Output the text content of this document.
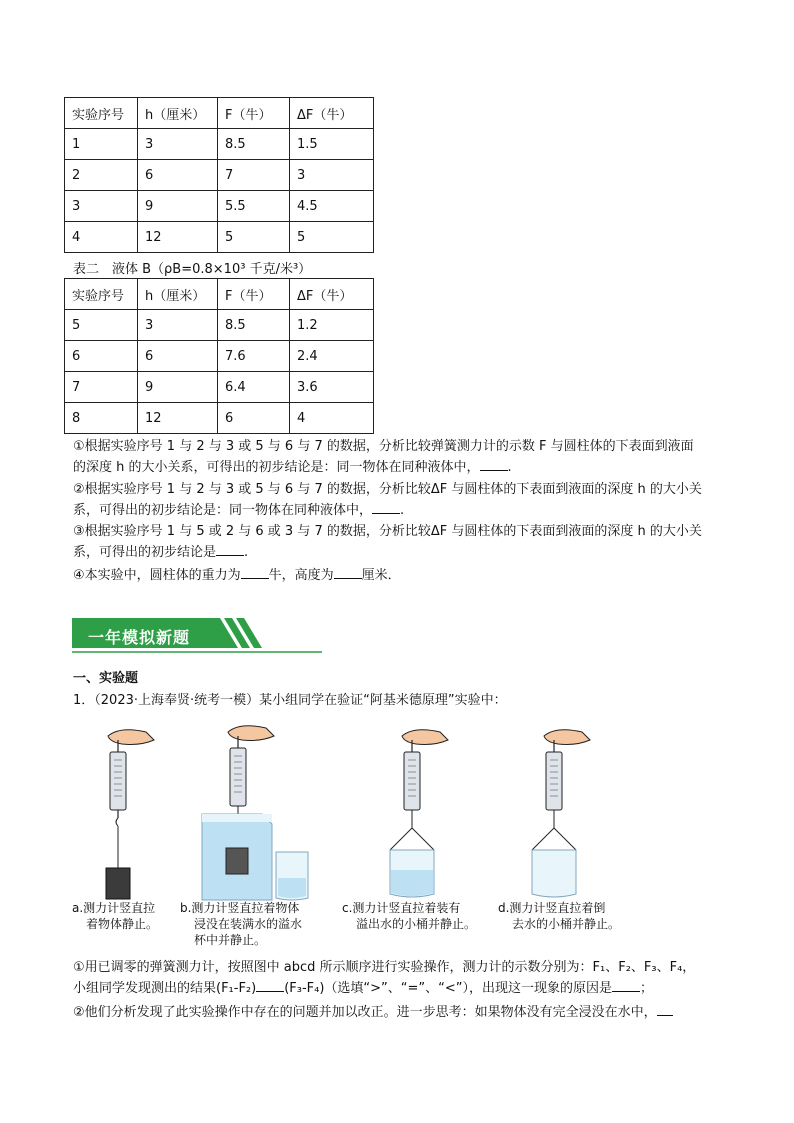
实验序号	h（厘米）	F（牛）	ΔF（牛）
1	3	8.5	1.5
2	6	7	3
3	9	5.5	4.5
4	12	5	5
表二　液体 B（ρB=0.8×10³ 千克/米³）
实验序号	h（厘米）	F（牛）	ΔF（牛）
5	3	8.5	1.2
6	6	7.6	2.4
7	9	6.4	3.6
8	12	6	4
①根据实验序号 1 与 2 与 3 或 5 与 6 与 7 的数据，分析比较弹簧测力计的示数 F 与圆柱体的下表面到液面
的深度 h 的大小关系，可得出的初步结论是：同一物体在同种液体中， .
②根据实验序号 1 与 2 与 3 或 5 与 6 与 7 的数据，分析比较ΔF 与圆柱体的下表面到液面的深度 h 的大小关
系，可得出的初步结论是：同一物体在同种液体中， .
③根据实验序号 1 与 5 或 2 与 6 或 3 与 7 的数据，分析比较ΔF 与圆柱体的下表面到液面的深度 h 的大小关
系，可得出的初步结论是 .
④本实验中，圆柱体的重力为 牛，高度为 厘米．
一年模拟新题
一、实验题
1．（2023·上海奉贤·统考一模）某小组同学在验证“阿基米德原理”实验中：
a.测力计竖直拉
着物体静止。
b.测力计竖直拉着物体
浸没在装满水的溢水
杯中并静止。
c.测力计竖直拉着装有
溢出水的小桶并静止。
d.测力计竖直拉着倒
去水的小桶并静止。
①用已调零的弹簧测力计，按照图中 abcd 所示顺序进行实验操作，测力计的示数分别为：F₁、F₂、F₃、F₄，
小组同学发现测出的结果(F₁-F₂) (F₃-F₄)（选填“>”、“=”、“<”），出现这一现象的原因是 ；
②他们分析发现了此实验操作中存在的问题并加以改正。进一步思考：如果物体没有完全浸没在水中，
